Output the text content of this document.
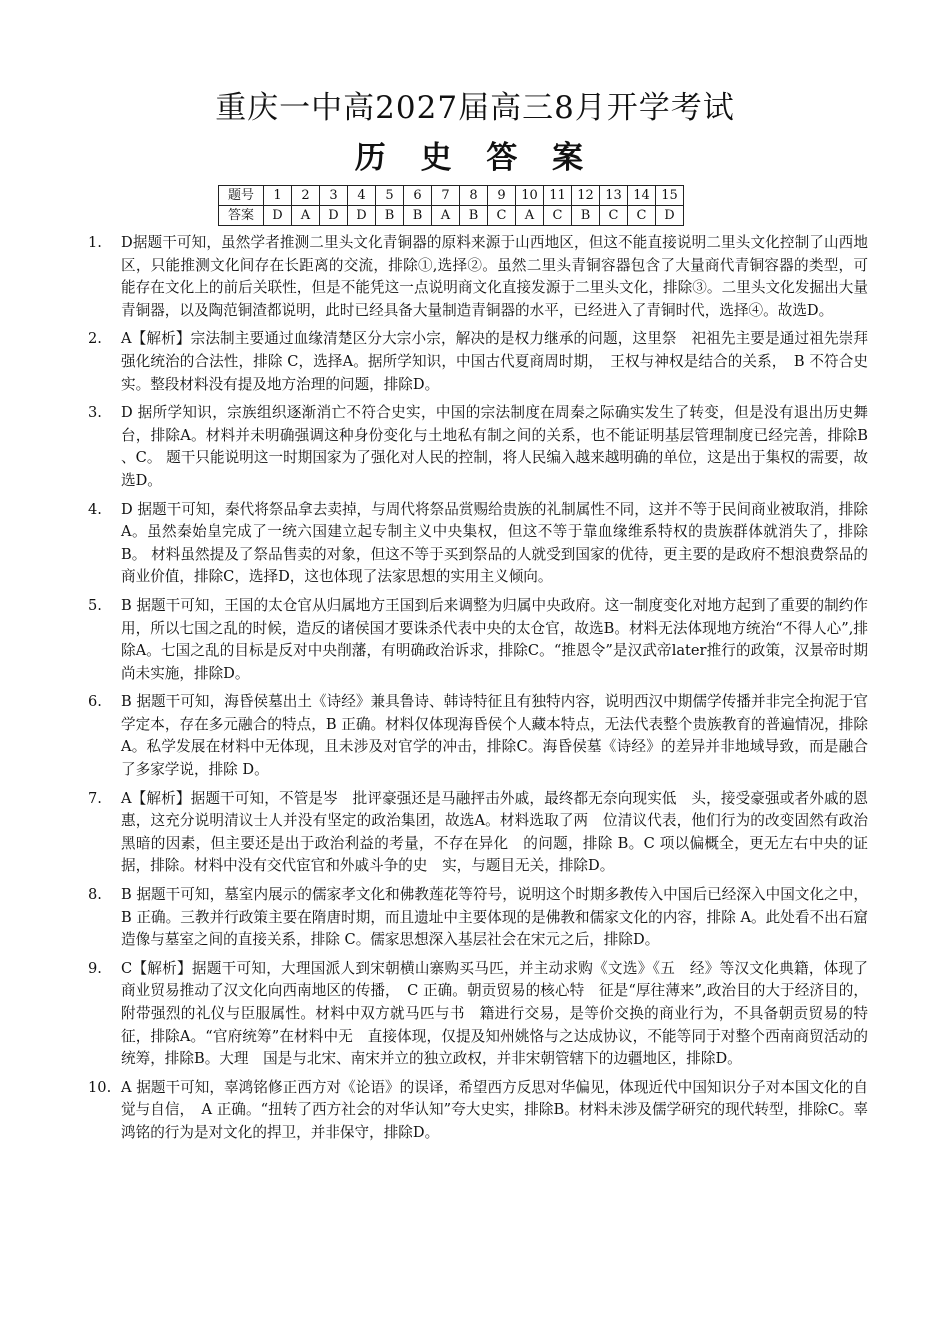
重庆一中高2027届高三8月开学考试
历 史 答 案
题号	1	2	3	4	5	6	7	8	9	10	11	12	13	14	15
答案	D	A	D	D	B	B	A	B	C	A	C	B	C	C	D
1. D据题干可知，虽然学者推测二里头文化青铜器的原料来源于山西地区，但这不能直接说明二里头文化控制了山西地区，只能推测文化间存在长距离的交流，排除①,选择②。虽然二里头青铜容器包含了大量商代青铜容器的类型，可能存在文化上的前后关联性，但是不能凭这一点说明商文化直接发源于二里头文化，排除③。二里头文化发掘出大量青铜器，以及陶范铜渣都说明，此时已经具备大量制造青铜器的水平，已经进入了青铜时代，选择④。故选D。
2. A【解析】宗法制主要通过血缘清楚区分大宗小宗，解决的是权力继承的问题，这里祭　祀祖先主要是通过祖先崇拜强化统治的合法性，排除 C，选择A。据所学知识，中国古代夏商周时期，　王权与神权是结合的关系，　B 不符合史实。整段材料没有提及地方治理的问题，排除D。
3. D 据所学知识，宗族组织逐渐消亡不符合史实，中国的宗法制度在周秦之际确实发生了转变，但是没有退出历史舞台，排除A。材料并未明确强调这种身份变化与土地私有制之间的关系，也不能证明基层管理制度已经完善，排除B 、C。 题干只能说明这一时期国家为了强化对人民的控制，将人民编入越来越明确的单位，这是出于集权的需要，故选D。
4. D 据题干可知，秦代将祭品拿去卖掉，与周代将祭品赏赐给贵族的礼制属性不同，这并不等于民间商业被取消，排除A。虽然秦始皇完成了一统六国建立起专制主义中央集权，但这不等于靠血缘维系特权的贵族群体就消失了，排除B。 材料虽然提及了祭品售卖的对象，但这不等于买到祭品的人就受到国家的优待，更主要的是政府不想浪费祭品的商业价值，排除C，选择D，这也体现了法家思想的实用主义倾向。
5. B 据题干可知，王国的太仓官从归属地方王国到后来调整为归属中央政府。这一制度变化对地方起到了重要的制约作用，所以七国之乱的时候，造反的诸侯国才要诛杀代表中央的太仓官，故选B。材料无法体现地方统治“不得人心”,排除A。七国之乱的目标是反对中央削藩，有明确政治诉求，排除C。“推恩令”是汉武帝later推行的政策，汉景帝时期尚未实施，排除D。
6. B 据题干可知，海昏侯墓出土《诗经》兼具鲁诗、韩诗特征且有独特内容，说明西汉中期儒学传播并非完全拘泥于官学定本，存在多元融合的特点，B 正确。材料仅体现海昏侯个人藏本特点，无法代表整个贵族教育的普遍情况，排除A。私学发展在材料中无体现，且未涉及对官学的冲击，排除C。海昏侯墓《诗经》的差异并非地域导致，而是融合了多家学说，排除 D。
7. A【解析】据题干可知，不管是岑　批评豪强还是马融抨击外戚，最终都无奈向现实低　头，接受豪强或者外戚的恩惠，这充分说明清议士人并没有坚定的政治集团，故选A。材料选取了两　位清议代表，他们行为的改变固然有政治黑暗的因素，但主要还是出于政治利益的考量，不存在异化　的问题，排除 B。C 项以偏概全，更无左右中央的证据，排除。材料中没有交代宦官和外戚斗争的史　实，与题目无关，排除D。
8. B 据题干可知，墓室内展示的儒家孝文化和佛教莲花等符号，说明这个时期多教传入中国后已经深入中国文化之中，B 正确。三教并行政策主要在隋唐时期，而且遗址中主要体现的是佛教和儒家文化的内容，排除 A。此处看不出石窟造像与墓室之间的直接关系，排除 C。儒家思想深入基层社会在宋元之后，排除D。
9. C【解析】据题干可知，大理国派人到宋朝横山寨购买马匹，并主动求购《文选》《五　经》等汉文化典籍，体现了商业贸易推动了汉文化向西南地区的传播，　C 正确。朝贡贸易的核心特　征是“厚往薄来”,政治目的大于经济目的，附带强烈的礼仪与臣服属性。材料中双方就马匹与书　籍进行交易，是等价交换的商业行为，不具备朝贡贸易的特征，排除A。“官府统筹”在材料中无　直接体现，仅提及知州姚恪与之达成协议，不能等同于对整个西南商贸活动的统筹，排除B。大理　国是与北宋、南宋并立的独立政权，并非宋朝管辖下的边疆地区，排除D。
10. A 据题干可知，辜鸿铭修正西方对《论语》的误译，希望西方反思对华偏见，体现近代中国知识分子对本国文化的自觉与自信，　A 正确。“扭转了西方社会的对华认知”夸大史实，排除B。材料未涉及儒学研究的现代转型，排除C。辜鸿铭的行为是对文化的捍卫，并非保守，排除D。
